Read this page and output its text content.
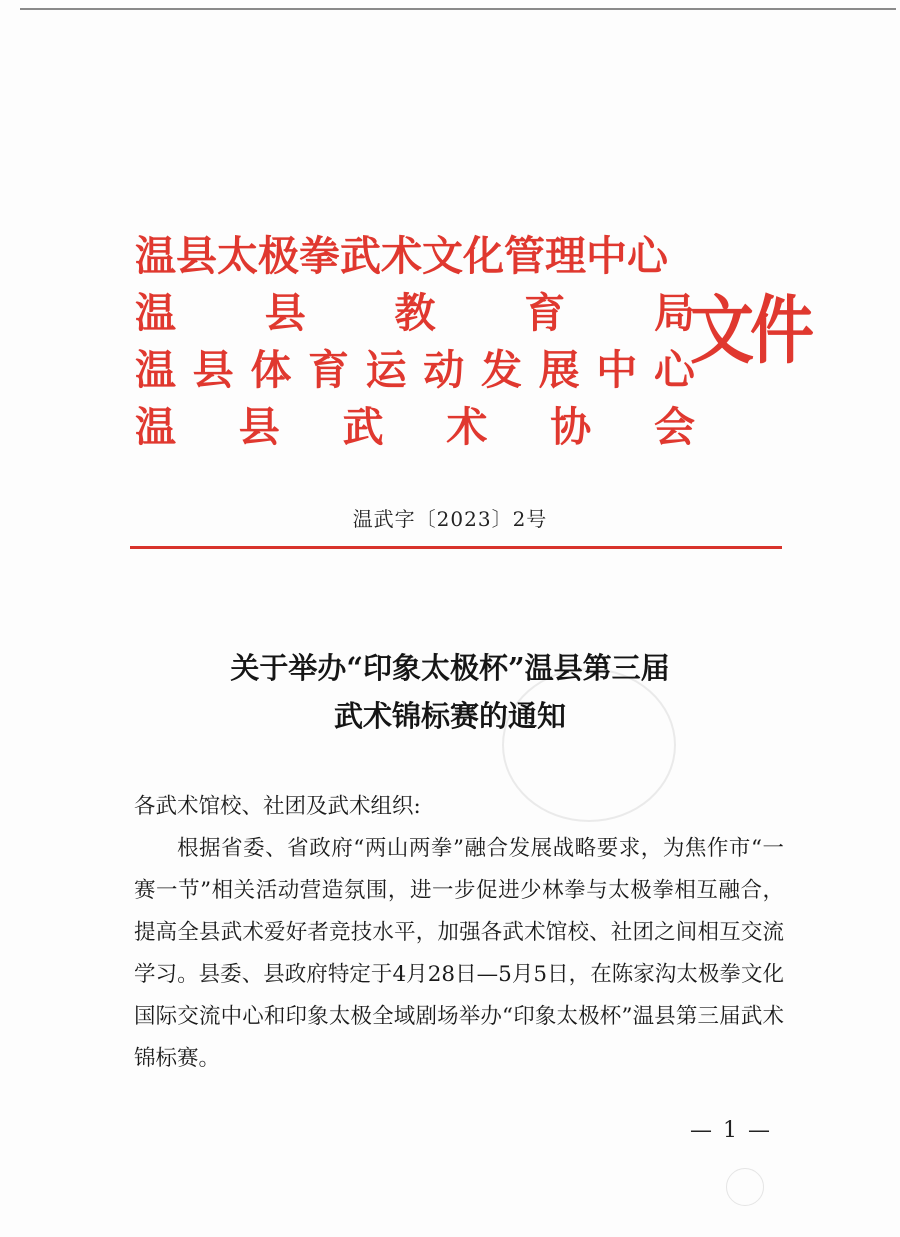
温县太极拳武术文化管理中心
温 县 教 育 局
温 县 体 育 运 动 发 展 中 心
温 县 武 术 协 会
文件
温武字〔2023〕2号
关于举办“印象太极杯”温县第三届
武术锦标赛的通知

各武术馆校、社团及武术组织:

根据省委、省政府“两山两拳”融合发展战略要求，为焦作市“一赛一节”相关活动营造氛围，进一步促进少林拳与太极拳相互融合，提高全县武术爱好者竞技水平，加强各武术馆校、社团之间相互交流学习。县委、县政府特定于4月28日—5月5日，在陈家沟太极拳文化国际交流中心和印象太极全域剧场举办“印象太极杯”温县第三届武术锦标赛。

— 1 —
